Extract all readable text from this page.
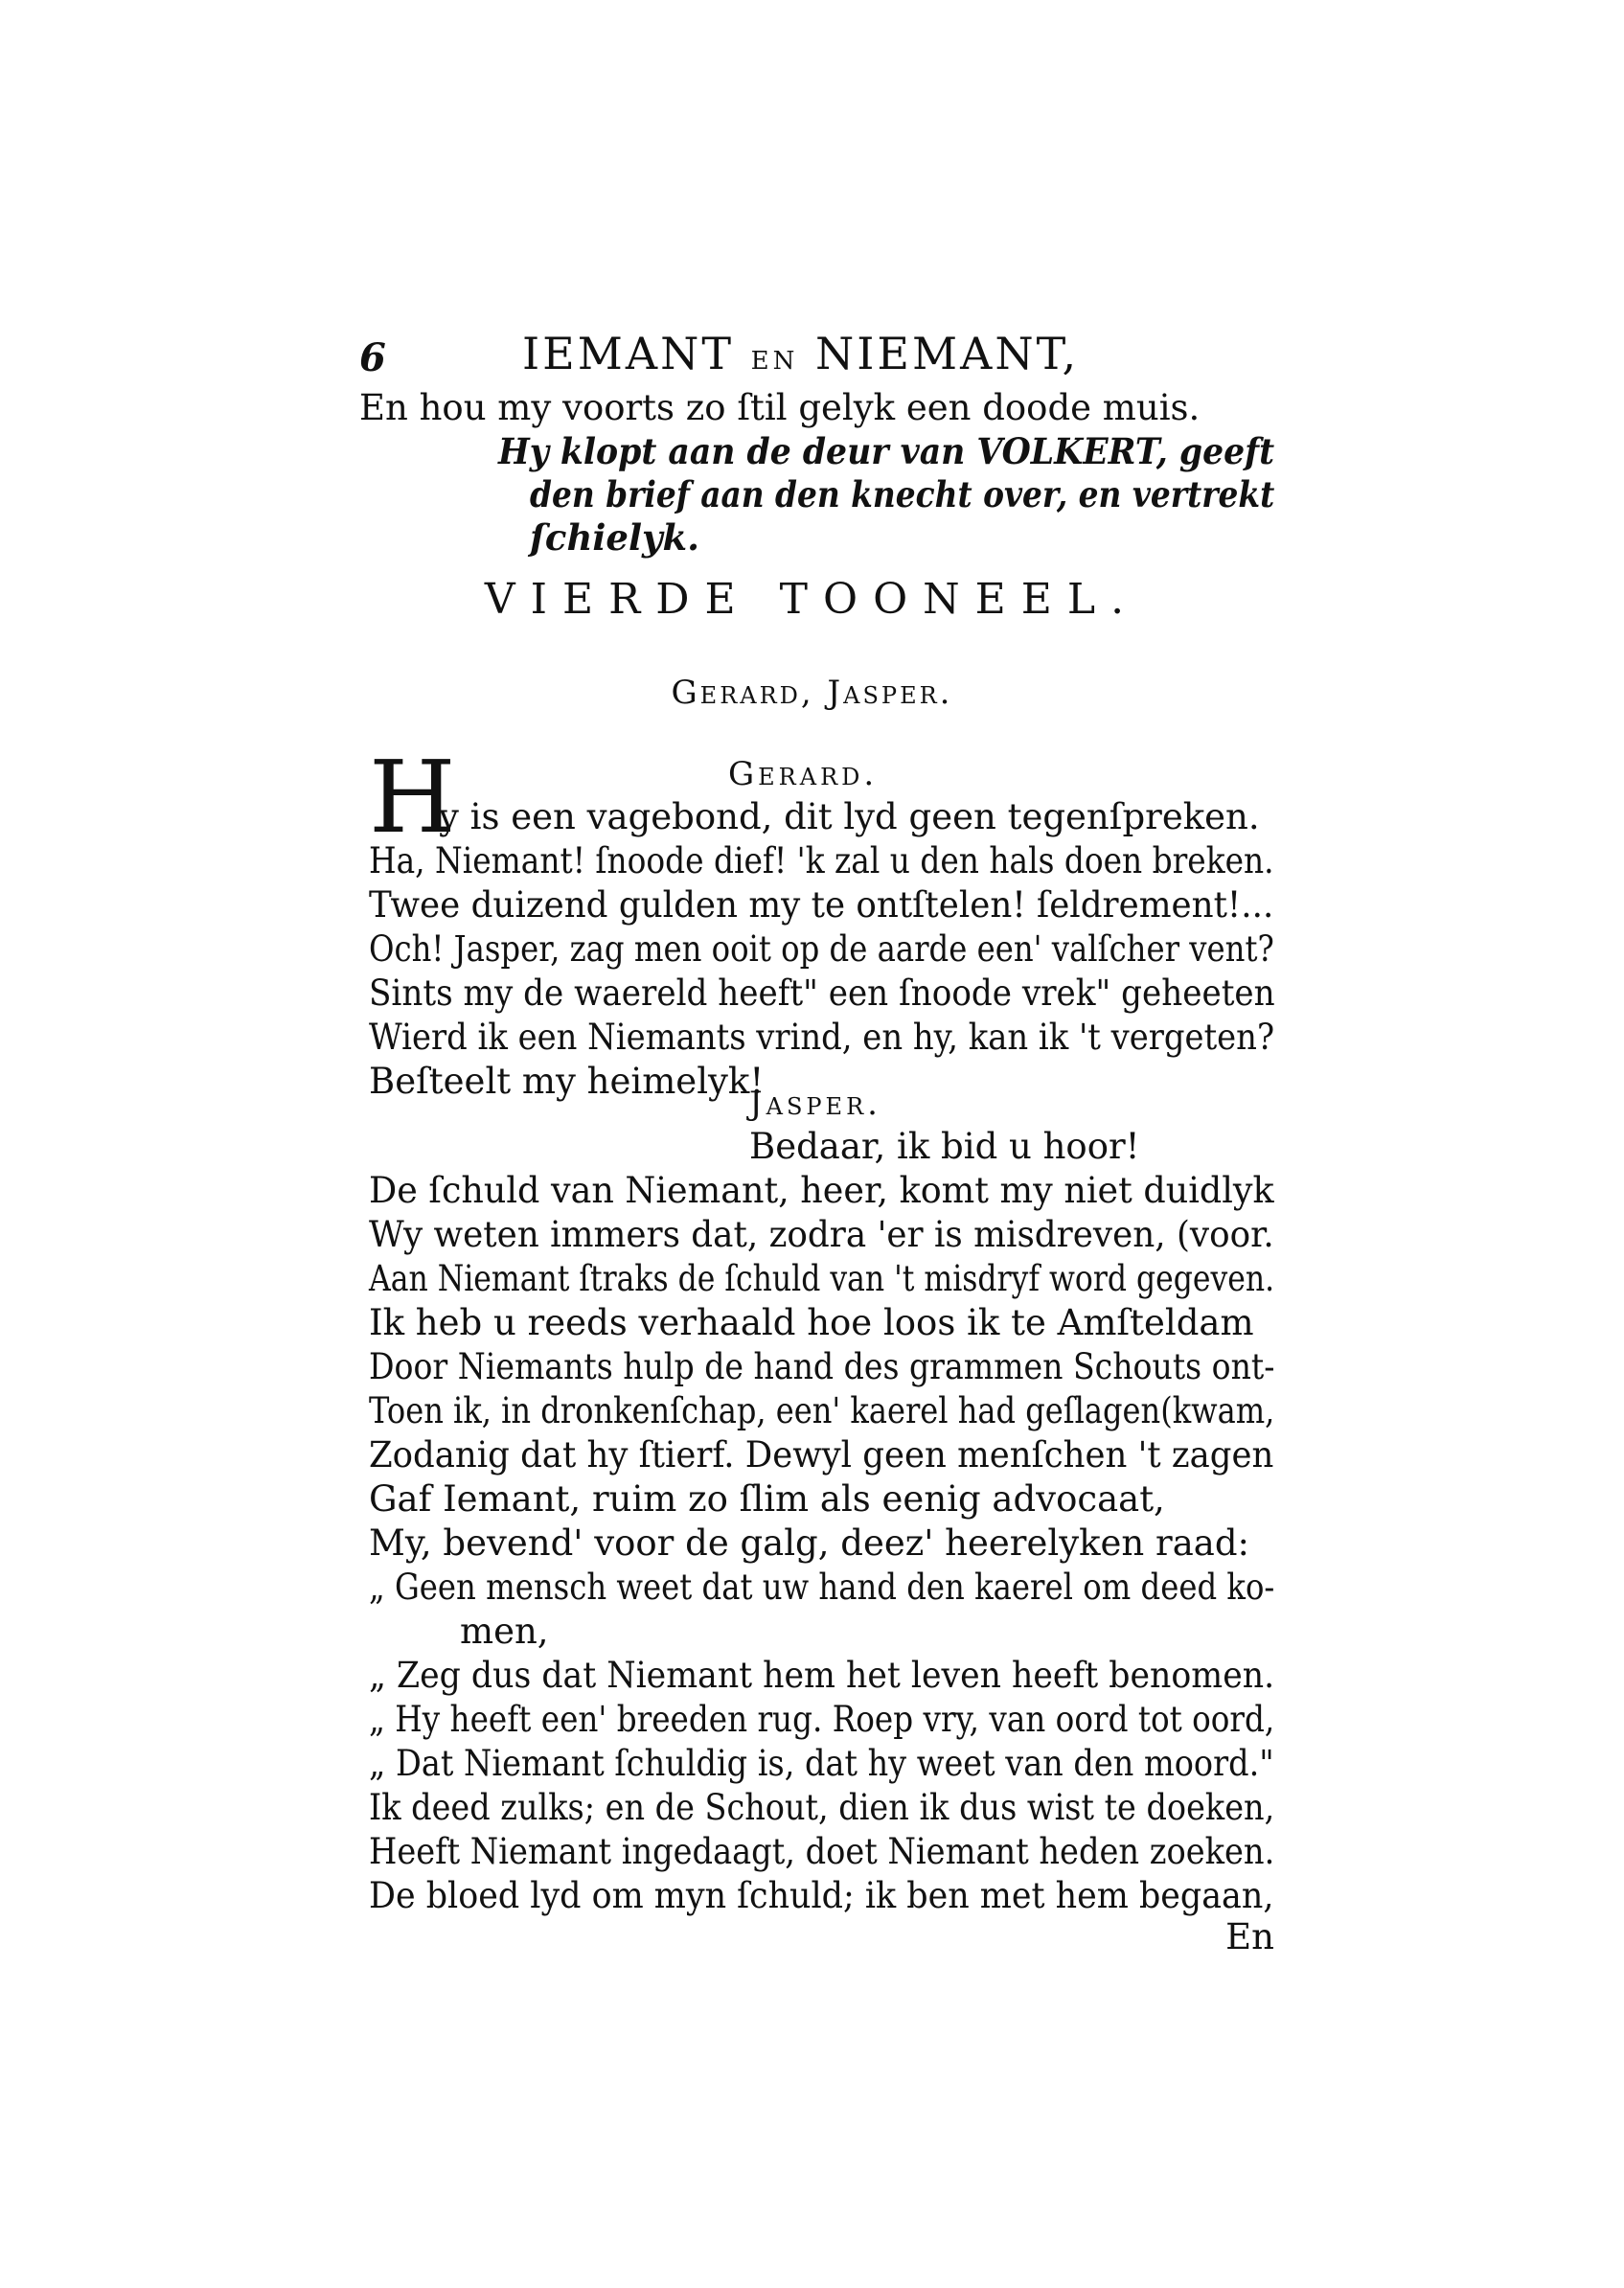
6	IEMANT EN NIEMANT,
En hou my voorts zo ſtil gelyk een doode muis.
Hy klopt aan de deur van VOLKERT, geeft
den brief aan den knecht over, en vertrekt
ſchielyk.
VIERDE TOONEEL.
Gerard, Jasper.
Gerard.
H
y is een vagebond, dit lyd geen tegenſpreken.
Ha, Niemant! ſnoode dief! 'k zal u den hals doen breken.
Twee duizend gulden my te ontſtelen! ſeldrement!...
Och! Jasper, zag men ooit op de aarde een' valſcher vent?
Sints my de waereld heeft" een ſnoode vrek" geheeten
Wierd ik een Niemants vrind, en hy, kan ik 't vergeten?
Beſteelt my heimelyk!
Jasper.
Bedaar, ik bid u hoor!
De ſchuld van Niemant, heer, komt my niet duidlyk
Wy weten immers dat, zodra 'er is misdreven, (voor.
Aan Niemant ſtraks de ſchuld van 't misdryf word gegeven.
Ik heb u reeds verhaald hoe loos ik te Amſteldam
Door Niemants hulp de hand des grammen Schouts ont-
Toen ik, in dronkenſchap, een' kaerel had geſlagen(kwam,
Zodanig dat hy ſtierf. Dewyl geen menſchen 't zagen
Gaf Iemant, ruim zo ſlim als eenig advocaat,
My, bevend' voor de galg, deez' heerelyken raad:
„ Geen mensch weet dat uw hand den kaerel om deed ko-
men,
„ Zeg dus dat Niemant hem het leven heeft benomen.
„ Hy heeft een' breeden rug. Roep vry, van oord tot oord,
„ Dat Niemant ſchuldig is, dat hy weet van den moord."
Ik deed zulks; en de Schout, dien ik dus wist te doeken,
Heeft Niemant ingedaagt, doet Niemant heden zoeken.
De bloed lyd om myn ſchuld; ik ben met hem begaan,
En
